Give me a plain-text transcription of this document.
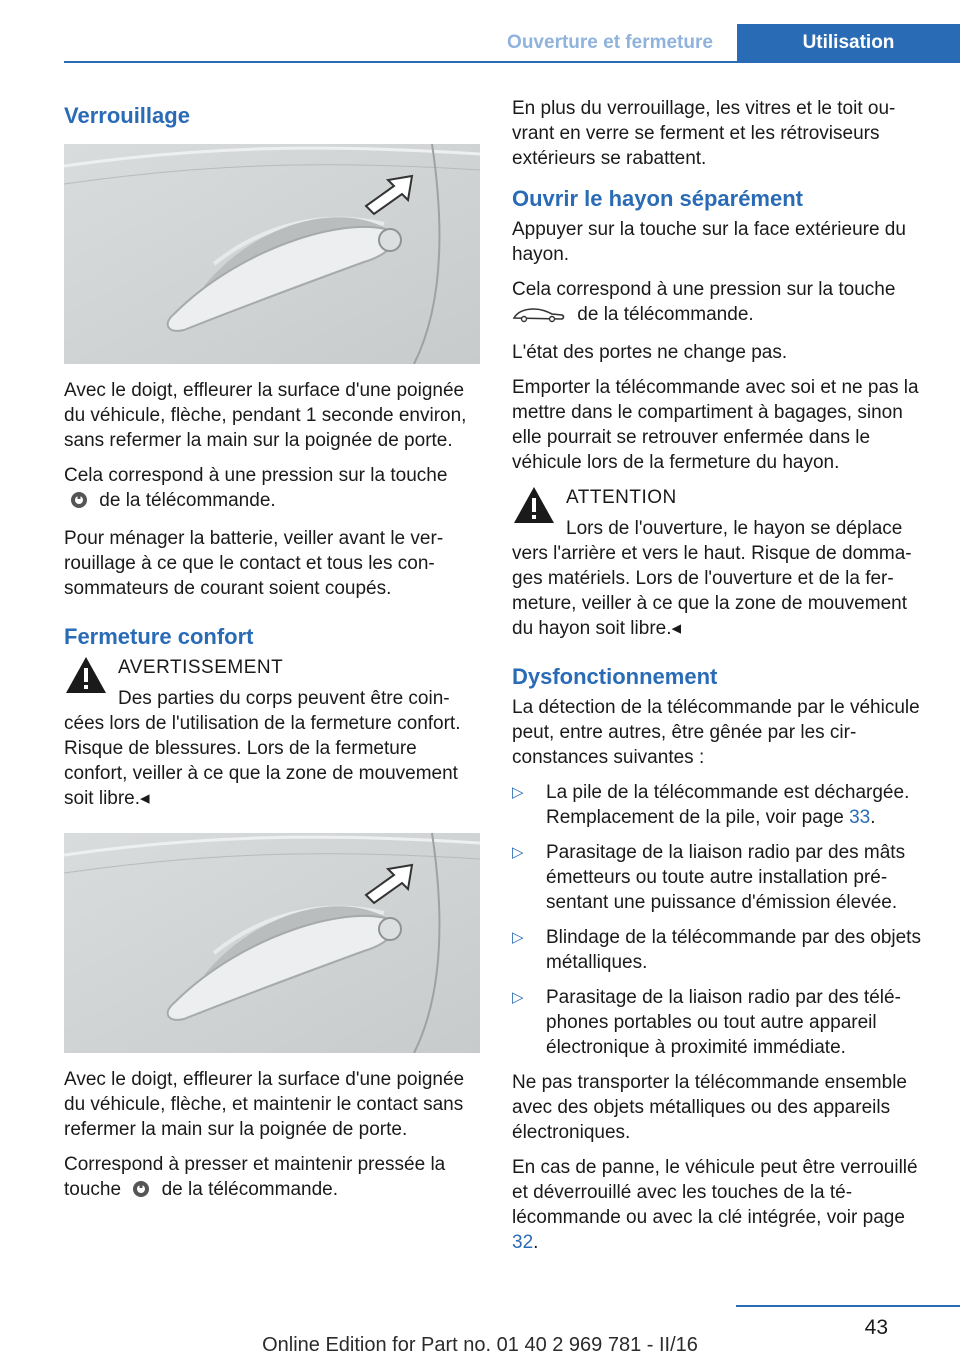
Ouverture et fermeture	Utilisation
Verrouillage

Avec le doigt, effleurer la surface d'une poignée du véhicule, flèche, pendant 1 seconde environ, sans refermer la main sur la poignée de porte.

Cela correspond à une pression sur la touche  de la télécommande.

Pour ménager la batterie, veiller avant le verrouillage à ce que le contact et tous les consommateurs de courant soient coupés.

Fermeture confort
AVERTISSEMENT
Des parties du corps peuvent être coincées lors de l'utilisation de la fermeture confort. Risque de blessures. Lors de la fermeture confort, veiller à ce que la zone de mouvement soit libre.◂

Avec le doigt, effleurer la surface d'une poignée du véhicule, flèche, et maintenir le contact sans refermer la main sur la poignée de porte.

Correspond à presser et maintenir pressée la touche de la télécommande.

En plus du verrouillage, les vitres et le toit ouvrant en verre se ferment et les rétroviseurs extérieurs se rabattent.

Ouvrir le hayon séparément

Appuyer sur la touche sur la face extérieure du hayon.

Cela correspond à une pression sur la touche
de la télécommande.

L'état des portes ne change pas.

Emporter la télécommande avec soi et ne pas la mettre dans le compartiment à bagages, sinon elle pourrait se retrouver enfermée dans le véhicule lors de la fermeture du hayon.

ATTENTION
Lors de l'ouverture, le hayon se déplace vers l'arrière et vers le haut. Risque de dommages matériels. Lors de l'ouverture et de la fermeture, veiller à ce que la zone de mouvement du hayon soit libre.◂
Dysfonctionnement

La détection de la télécommande par le véhicule peut, entre autres, être gênée par les circonstances suivantes :

▷ La pile de la télécommande est déchargée. Remplacement de la pile, voir page 33.
▷ Parasitage de la liaison radio par des mâts émetteurs ou toute autre installation présentant une puissance d'émission élevée.
▷ Blindage de la télécommande par des objets métalliques.
▷ Parasitage de la liaison radio par des téléphones portables ou tout autre appareil électronique à proximité immédiate.

Ne pas transporter la télécommande ensemble avec des objets métalliques ou des appareils électroniques.

En cas de panne, le véhicule peut être verrouillé et déverrouillé avec les touches de la télécommande ou avec la clé intégrée, voir page 32.

43
Online Edition for Part no. 01 40 2 969 781 - II/16
